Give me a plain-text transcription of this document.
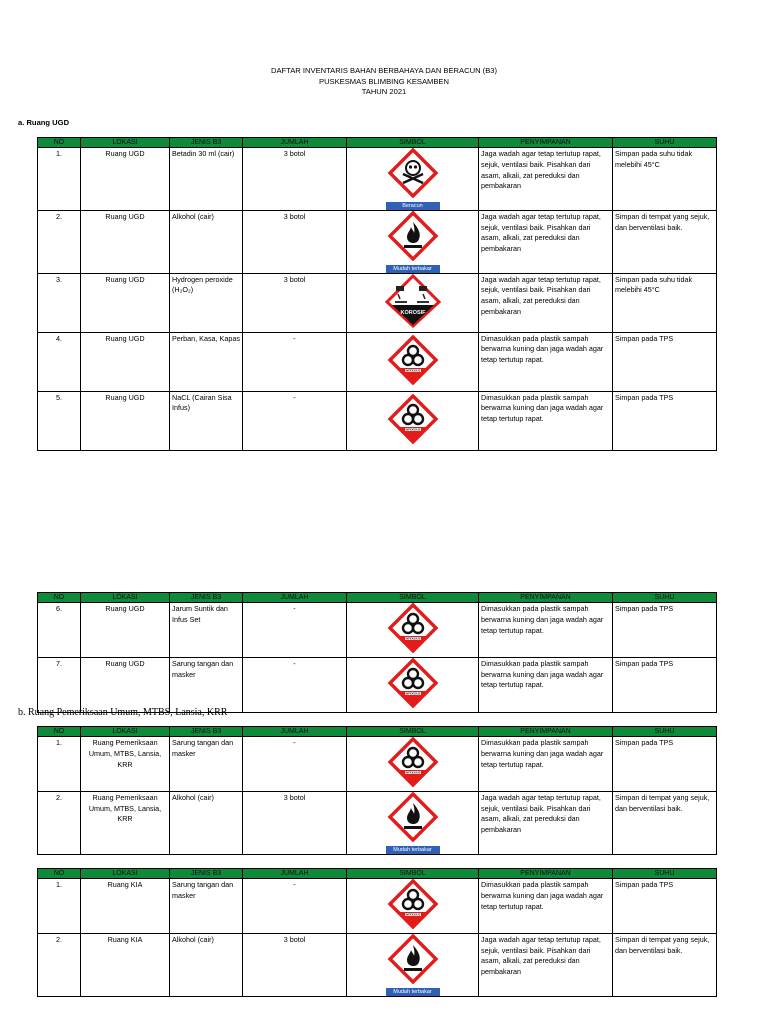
DAFTAR INVENTARIS BAHAN BERBAHAYA DAN BERACUN (B3)
PUSKESMAS BLIMBING KESAMBEN
TAHUN 2021
a. Ruang UGD
b. Ruang Pemeriksaan Umum, MTBS, Lansia, KRR
NO	LOKASI	JENIS B3	JUMLAH	SIMBOL	PENYIMPANAN	SUHU
1.	Ruang UGD	Betadin 30 ml (cair)	3 botol	Beracun	Jaga wadah agar tetap tertutup rapat, sejuk, ventilasi baik. Pisahkan dari asam, alkali, zat pereduksi dan pembakaran	Simpan pada suhu tidak melebihi 45°C
2.	Ruang UGD	Alkohol (cair)	3 botol	Mudah terbakar	Jaga wadah agar tetap tertutup rapat, sejuk, ventilasi baik. Pisahkan dari asam, alkali, zat pereduksi dan pembakaran	Simpan di tempat yang sejuk, dan berventilasi baik.
3.	Ruang UGD	Hydrogen peroxide (H₂O₂)	3 botol	KOROSIF	Jaga wadah agar tetap tertutup rapat, sejuk, ventilasi baik. Pisahkan dari asam, alkali, zat pereduksi dan pembakaran	Simpan pada suhu tidak melebihi 45°C
4.	Ruang UGD	Perban, Kasa, Kapas	-	INFEKSIUS	Dimasukkan pada plastik sampah berwarna kuning dan jaga wadah agar tetap tertutup rapat.	Simpan pada TPS
5.	Ruang UGD	NaCL (Cairan Sisa Infus)	-	INFEKSIUS	Dimasukkan pada plastik sampah berwarna kuning dan jaga wadah agar tetap tertutup rapat.	Simpan pada TPS
NO	LOKASI	JENIS B3	JUMLAH	SIMBOL	PENYIMPANAN	SUHU
6.	Ruang UGD	Jarum Suntik dan Infus Set	-	INFEKSIUS	Dimasukkan pada plastik sampah berwarna kuning dan jaga wadah agar tetap tertutup rapat.	Simpan pada TPS
7.	Ruang UGD	Sarung tangan dan masker	-	INFEKSIUS	Dimasukkan pada plastik sampah berwarna kuning dan jaga wadah agar tetap tertutup rapat.	Simpan pada TPS
NO	LOKASI	JENIS B3	JUMLAH	SIMBOL	PENYIMPANAN	SUHU
1.	Ruang Pemeriksaan Umum, MTBS, Lansia, KRR	Sarung tangan dan masker	-	INFEKSIUS	Dimasukkan pada plastik sampah berwarna kuning dan jaga wadah agar tetap tertutup rapat.	Simpan pada TPS
2.	Ruang Pemeriksaan Umum, MTBS, Lansia, KRR	Alkohol (cair)	3 botol	Mudah terbakar	Jaga wadah agar tetap tertutup rapat, sejuk, ventilasi baik. Pisahkan dari asam, alkali, zat pereduksi dan pembakaran	Simpan di tempat yang sejuk, dan berventilasi baik.
NO	LOKASI	JENIS B3	JUMLAH	SIMBOL	PENYIMPANAN	SUHU
1.	Ruang KIA	Sarung tangan dan masker	-	INFEKSIUS	Dimasukkan pada plastik sampah berwarna kuning dan jaga wadah agar tetap tertutup rapat.	Simpan pada TPS
2.	Ruang KIA	Alkohol (cair)	3 botol	Mudah terbakar	Jaga wadah agar tetap tertutup rapat, sejuk, ventilasi baik. Pisahkan dari asam, alkali, zat pereduksi dan pembakaran	Simpan di tempat yang sejuk, dan berventilasi baik.
